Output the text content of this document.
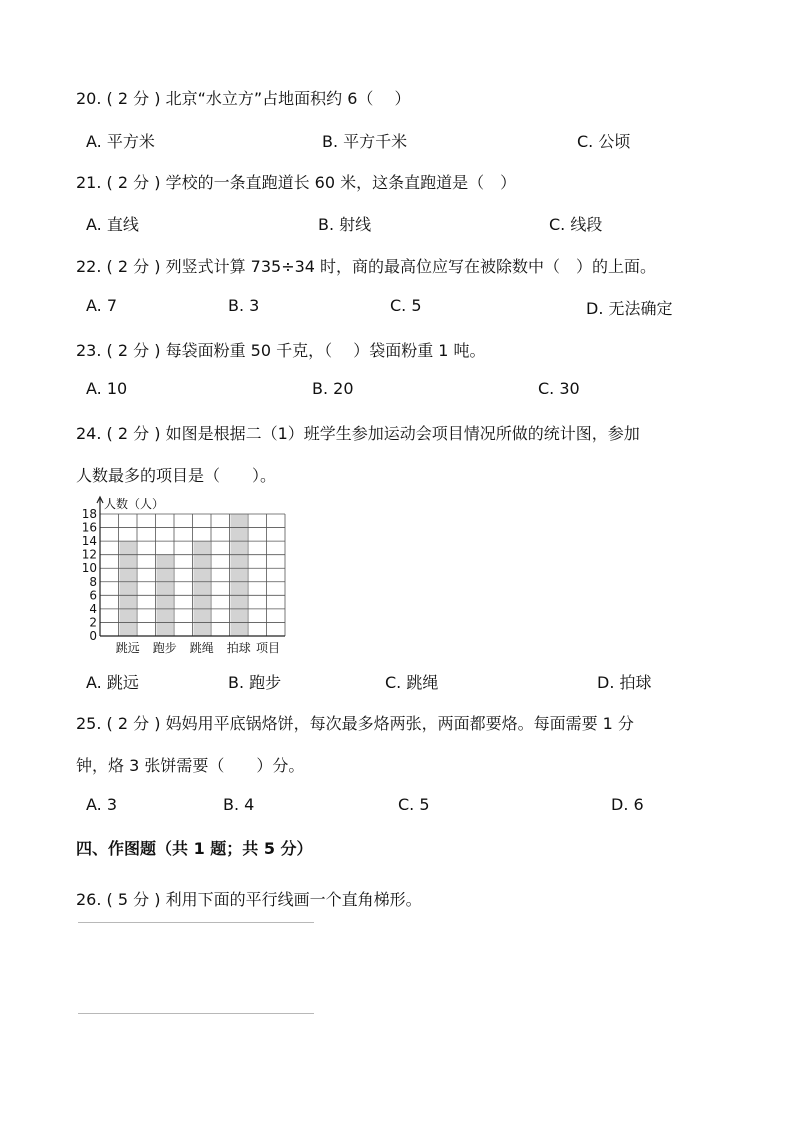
20. ( 2 分 ) 北京“水立方”占地面积约 6（　 ）
A. 平方米	B. 平方千米	C. 公顷
21. ( 2 分 ) 学校的一条直跑道长 60 米，这条直跑道是（　）
A. 直线	B. 射线	C. 线段
22. ( 2 分 ) 列竖式计算 735÷34 时，商的最高位应写在被除数中（　）的上面。
A. 7	B. 3	C. 5	D. 无法确定
23. ( 2 分 ) 每袋面粉重 50 千克，（　 ）袋面粉重 1 吨。
A. 10	B. 20	C. 30
24. ( 2 分 ) 如图是根据二（1）班学生参加运动会项目情况所做的统计图，参加
人数最多的项目是（　　）。
0
2
4
6
8
10
12
14
16
18
人数（人）
跳远 跑步 跳绳 拍球 项目
A. 跳远	B. 跑步	C. 跳绳	D. 拍球
25. ( 2 分 ) 妈妈用平底锅烙饼，每次最多烙两张，两面都要烙。每面需要 1 分
钟，烙 3 张饼需要（　　）分。
A. 3	B. 4	C. 5	D. 6
四、作图题（共 1 题；共 5 分）
26. ( 5 分 ) 利用下面的平行线画一个直角梯形。
